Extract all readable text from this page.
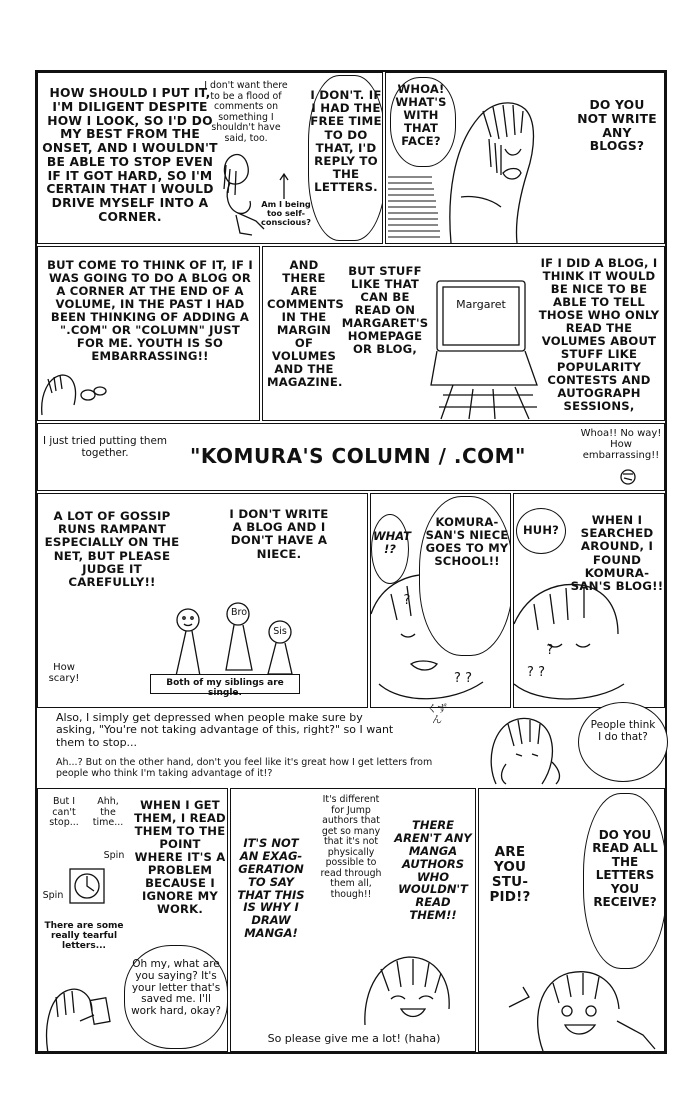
HOW SHOULD I PUT IT, I'M DILIGENT DESPITE HOW I LOOK, SO I'D DO MY BEST FROM THE ONSET, AND I WOULDN'T BE ABLE TO STOP EVEN IF IT GOT HARD, SO I'M CERTAIN THAT I WOULD DRIVE MYSELF INTO A CORNER.
I don't want there to be a flood of comments on something I shouldn't have said, too.
Am I being too self-conscious?
I DON'T. IF I HAD THE FREE TIME TO DO THAT, I'D REPLY TO THE LETTERS.
WHOA! WHAT'S WITH THAT FACE?
DO YOU NOT WRITE ANY BLOGS?
BUT COME TO THINK OF IT, IF I WAS GOING TO DO A BLOG OR A CORNER AT THE END OF A VOLUME, IN THE PAST I HAD BEEN THINKING OF ADDING A ".COM" OR "COLUMN" JUST FOR ME. YOUTH IS SO EMBARRASSING!!
AND THERE ARE COMMENTS IN THE MARGIN OF VOLUMES AND THE MAGAZINE.
BUT STUFF LIKE THAT CAN BE READ ON MARGARET'S HOMEPAGE OR BLOG,
Margaret
IF I DID A BLOG, I THINK IT WOULD BE NICE TO BE ABLE TO TELL THOSE WHO ONLY READ THE VOLUMES ABOUT STUFF LIKE POPULARITY CONTESTS AND AUTOGRAPH SESSIONS,
I just tried putting them together.	"KOMURA'S COLUMN / .COM"
Whoa!! No way! How embarrassing!!
A LOT OF GOSSIP RUNS RAMPANT ESPECIALLY ON THE NET, BUT PLEASE JUDGE IT CAREFULLY!!
I DON'T WRITE A BLOG AND I DON'T HAVE A NIECE.
Bro
Sis
Both of my siblings are single.
How scary!
WHAT !?
KOMURA-SAN'S NIECE GOES TO MY SCHOOL!!
?
? ?
HUH?
WHEN I SEARCHED AROUND, I FOUND KOMURA-SAN'S BLOG!!
?
? ?
Also, I simply get depressed when people make sure by asking, "You're not taking advantage of this, right?" so I want them to stop...
Ah...? But on the other hand, don't you feel like it's great how I get letters from people who think I'm taking advantage of it!?
くずん	People think I do that?
But I can't stop...
Ahh, the time...
Spin
Spin
There are some really tearful letters...
WHEN I GET THEM, I READ THEM TO THE POINT WHERE IT'S A PROBLEM BECAUSE I IGNORE MY WORK.
Oh my, what are you saying? It's your letter that's saved me. I'll work hard, okay?
IT'S NOT AN EXAG-GERATION TO SAY THAT THIS IS WHY I DRAW MANGA!
It's different for Jump authors that get so many that it's not physically possible to read through them all, though!!
THERE AREN'T ANY MANGA AUTHORS WHO WOULDN'T READ THEM!!
So please give me a lot! (haha)
ARE YOU STU-PID!?
DO YOU READ ALL THE LETTERS YOU RECEIVE?
